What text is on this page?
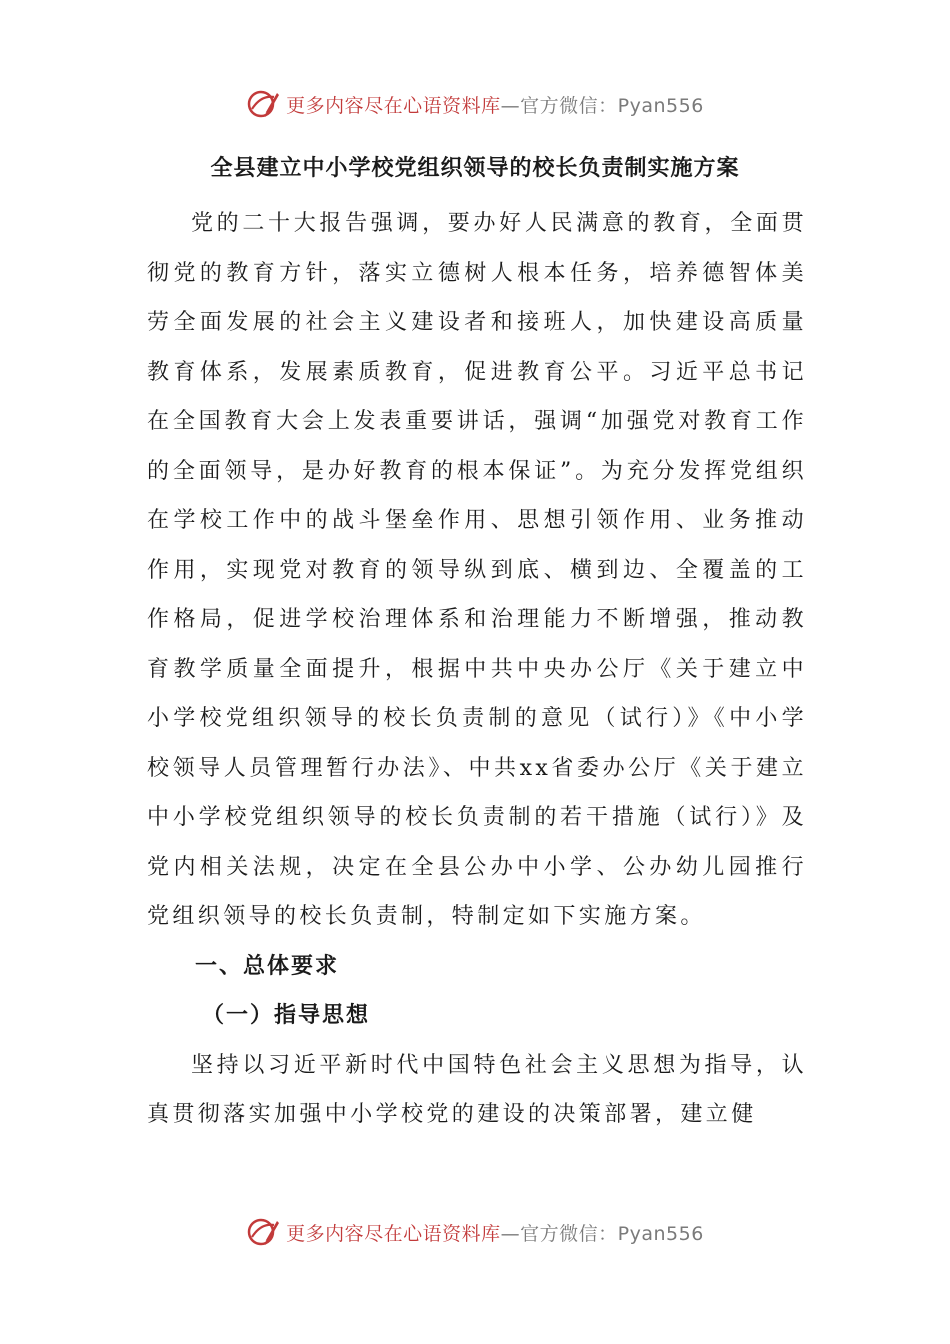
更多内容尽在心语资料库—官方微信：Pyan556
全县建立中小学校党组织领导的校长负责制实施方案

党的二十大报告强调，要办好人民满意的教育，全面贯彻党的教育方针，落实立德树人根本任务，培养德智体美劳全面发展的社会主义建设者和接班人，加快建设高质量教育体系，发展素质教育，促进教育公平。习近平总书记在全国教育大会上发表重要讲话，强调“加强党对教育工作的全面领导，是办好教育的根本保证”。为充分发挥党组织在学校工作中的战斗堡垒作用、思想引领作用、业务推动作用，实现党对教育的领导纵到底、横到边、全覆盖的工作格局，促进学校治理体系和治理能力不断增强，推动教育教学质量全面提升，根据中共中央办公厅《关于建立中小学校党组织领导的校长负责制的意见（试行）》《中小学校领导人员管理暂行办法》、中共xx省委办公厅《关于建立中小学校党组织领导的校长负责制的若干措施（试行）》及党内相关法规，决定在全县公办中小学、公办幼儿园推行党组织领导的校长负责制，特制定如下实施方案。

一、总体要求

（一）指导思想

坚持以习近平新时代中国特色社会主义思想为指导，认真贯彻落实加强中小学校党的建设的决策部署，建立健

更多内容尽在心语资料库—官方微信：Pyan556
